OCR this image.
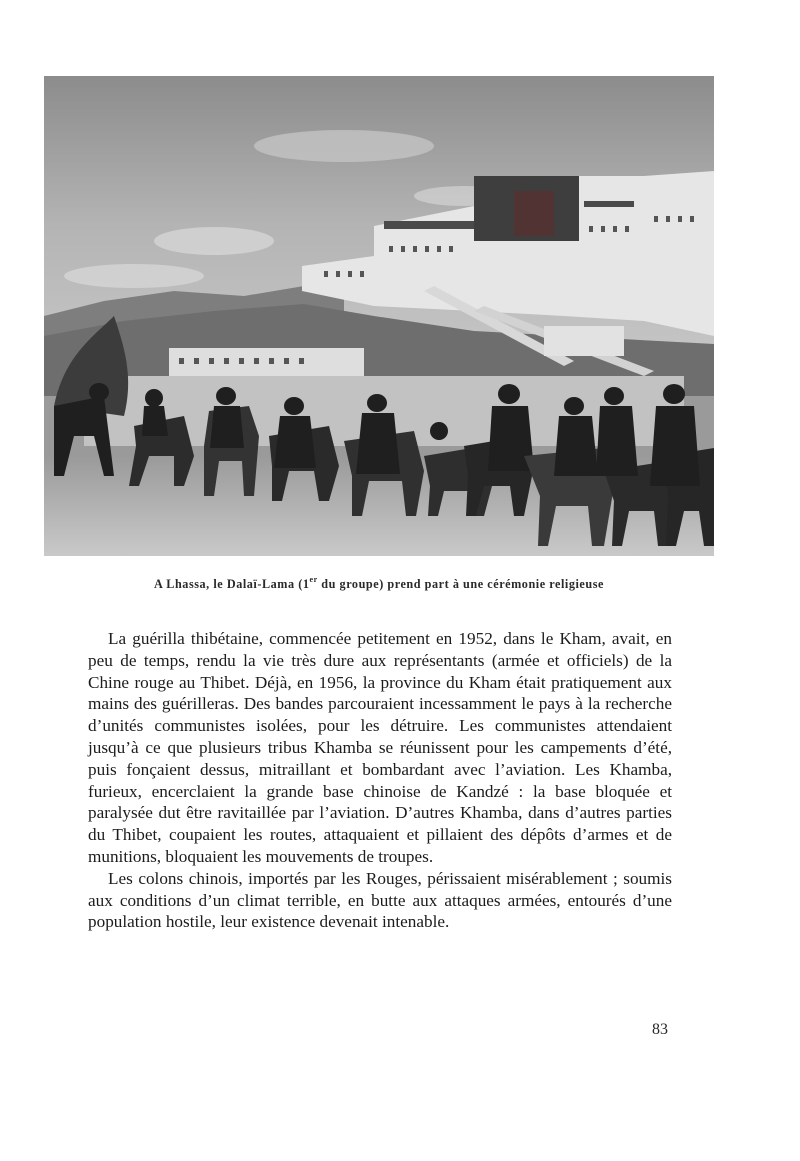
A Lhassa, le Dalaï-Lama (1er du groupe) prend part à une cérémonie religieuse

La guérilla thibétaine, commencée petitement en 1952, dans le Kham, avait, en peu de temps, rendu la vie très dure aux représentants (armée et officiels) de la Chine rouge au Thibet. Déjà, en 1956, la province du Kham était pratiquement aux mains des guérilleras. Des bandes parcouraient incessamment le pays à la recherche d’unités communistes isolées, pour les détruire. Les communistes attendaient jusqu’à ce que plusieurs tribus Khamba se réunissent pour les campements d’été, puis fonçaient dessus, mitraillant et bombardant avec l’aviation. Les Khamba, furieux, encerclaient la grande base chinoise de Kandzé : la base bloquée et paralysée dut être ravitaillée par l’aviation. D’autres Khamba, dans d’autres parties du Thibet, coupaient les routes, attaquaient et pillaient des dépôts d’armes et de munitions, bloquaient les mouvements de troupes.

Les colons chinois, importés par les Rouges, périssaient misérablement ; soumis aux conditions d’un climat terrible, en butte aux attaques armées, entourés d’une population hostile, leur existence devenait intenable.

83
